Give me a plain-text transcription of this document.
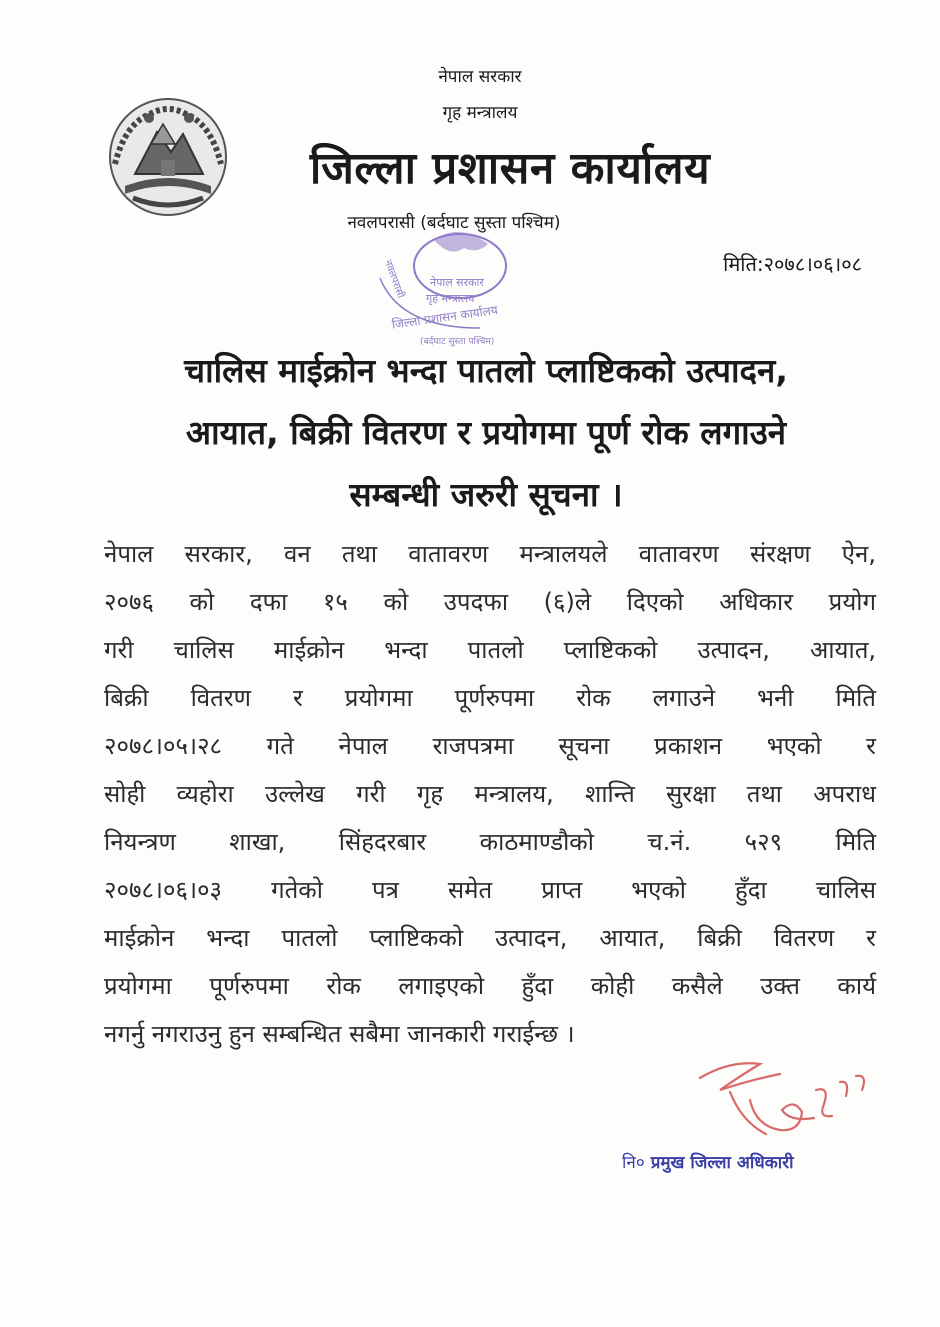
नेपाल सरकार
गृह मन्त्रालय
जिल्ला प्रशासन कार्यालय
नवलपरासी (बर्दघाट सुस्ता पश्चिम)
मिति:२०७८।०६।०८
नेपाल सरकार
गृह मन्त्रालय
जिल्ला प्रशासन कार्यालय
(बर्दघाट सुस्ता पश्चिम)
नवलपरासी
चालिस माईक्रोन भन्दा पातलो प्लाष्टिकको उत्पादन,
आयात, बिक्री वितरण र प्रयोगमा पूर्ण रोक लगाउने
सम्बन्धी जरुरी सूचना ।
नेपाल सरकार, वन तथा वातावरण मन्त्रालयले वातावरण संरक्षण ऐन,
२०७६ को दफा १५ को उपदफा (६)ले दिएको अधिकार प्रयोग
गरी चालिस माईक्रोन भन्दा पातलो प्लाष्टिकको उत्पादन, आयात,
बिक्री वितरण र प्रयोगमा पूर्णरुपमा रोक लगाउने भनी मिति
२०७८।०५।२८ गते नेपाल राजपत्रमा सूचना प्रकाशन भएको र
सोही व्यहोरा उल्लेख गरी गृह मन्त्रालय, शान्ति सुरक्षा तथा अपराध
नियन्त्रण शाखा, सिंहदरबार काठमाण्डौको च.नं. ५२९ मिति
२०७८।०६।०३ गतेको पत्र समेत प्राप्त भएको हुँदा चालिस
माईक्रोन भन्दा पातलो प्लाष्टिकको उत्पादन, आयात, बिक्री वितरण र
प्रयोगमा पूर्णरुपमा रोक लगाइएको हुँदा कोही कसैले उक्त कार्य
नगर्नु नगराउनु हुन सम्बन्धित सबैमा जानकारी गराईन्छ ।
नि० प्रमुख जिल्ला अधिकारी
